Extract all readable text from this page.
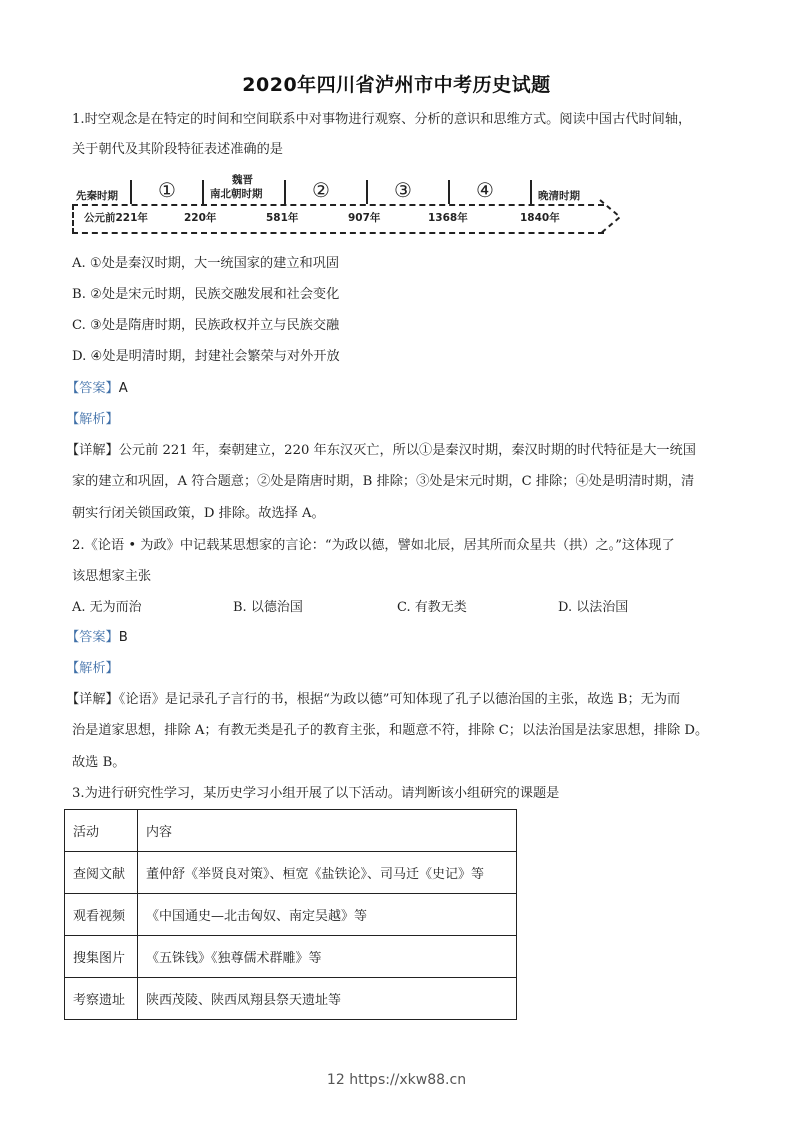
2020年四川省泸州市中考历史试题
1.时空观念是在特定的时间和空间联系中对事物进行观察、分析的意识和思维方式。阅读中国古代时间轴，
关于朝代及其阶段特征表述准确的是
先秦时期 ①	魏晋
南北朝时期 ②	③	④	晚清时期
公元前221年	220年	581年	907年	1368年	1840年
A. ①处是秦汉时期，大一统国家的建立和巩固
B. ②处是宋元时期，民族交融发展和社会变化
C. ③处是隋唐时期，民族政权并立与民族交融
D. ④处是明清时期，封建社会繁荣与对外开放
【答案】A
【解析】
【详解】公元前 221 年，秦朝建立，220 年东汉灭亡，所以①是秦汉时期，秦汉时期的时代特征是大一统国
家的建立和巩固，A 符合题意；②处是隋唐时期，B 排除；③处是宋元时期，C 排除；④处是明清时期，清
朝实行闭关锁国政策，D 排除。故选择 A。
2.《论语 • 为政》中记载某思想家的言论：“为政以德，譬如北辰，居其所而众星共（拱）之。”这体现了
该思想家主张
A. 无为而治	B. 以德治国	C. 有教无类	D. 以法治国
【答案】B
【解析】
【详解】《论语》是记录孔子言行的书，根据“为政以德”可知体现了孔子以德治国的主张，故选 B；无为而
治是道家思想，排除 A；有教无类是孔子的教育主张，和题意不符，排除 C；以法治国是法家思想，排除 D。
故选 B。
3.为进行研究性学习，某历史学习小组开展了以下活动。请判断该小组研究的课题是
活动	内容
查阅文献	董仲舒《举贤良对策》、桓宽《盐铁论》、司马迁《史记》等
观看视频	《中国通史—北击匈奴、南定吴越》等
搜集图片	《五铢钱》《独尊儒术群雕》等
考察遗址	陕西茂陵、陕西凤翔县祭天遗址等
12 https://xkw88.cn
